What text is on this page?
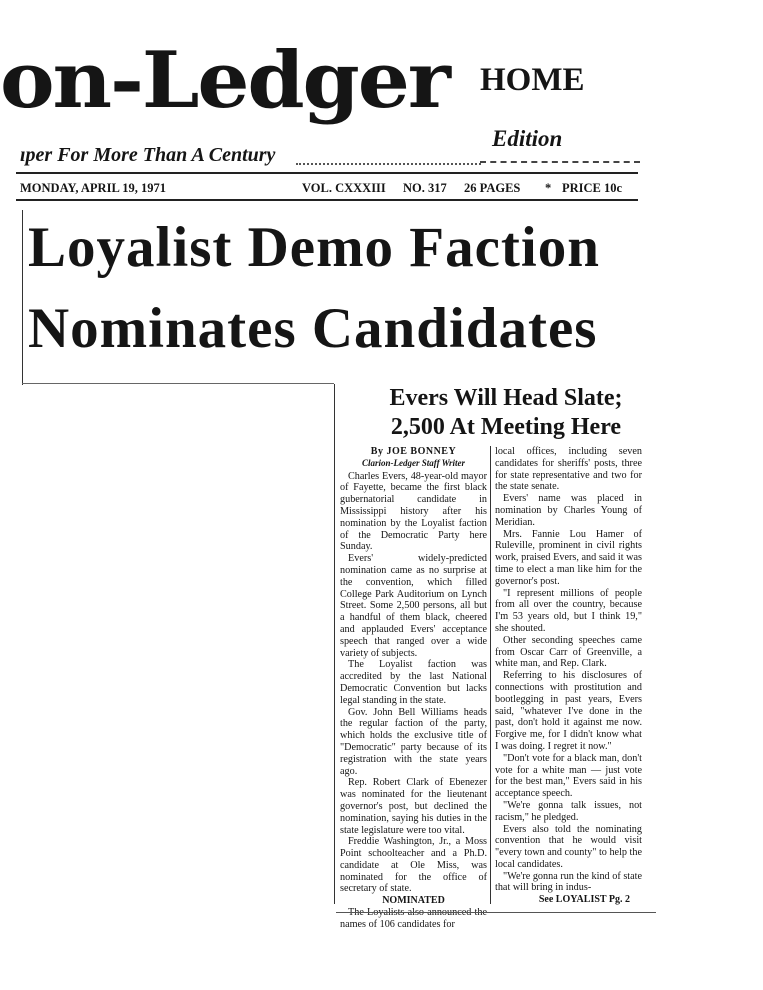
on-Ledger
ıper For More Than A Century
HOME
Edition
MONDAY, APRIL 19, 1971	VOL. CXXXIII NO. 317 26 PAGES * PRICE 10c
Loyalist Demo Faction
Nominates Candidates
Evers Will Head Slate;
2,500 At Meeting Here
By JOE BONNEY
Clarion-Ledger Staff Writer

Charles Evers, 48-year-old mayor of Fayette, became the first black gubernatorial candidate in Mississippi history after his nomination by the Loyalist faction of the Democratic Party here Sunday.

Evers' widely-predicted nomination came as no surprise at the convention, which filled College Park Auditorium on Lynch Street. Some 2,500 persons, all but a handful of them black, cheered and applauded Evers' acceptance speech that ranged over a wide variety of subjects.

The Loyalist faction was accredited by the last National Democratic Convention but lacks legal standing in the state.

Gov. John Bell Williams heads the regular faction of the party, which holds the exclusive title of "Democratic" party because of its registration with the state years ago.

Rep. Robert Clark of Ebenezer was nominated for the lieutenant governor's post, but declined the nomination, saying his duties in the state legislature were too vital.

Freddie Washington, Jr., a Moss Point schoolteacher and a Ph.D. candidate at Ole Miss, was nominated for the office of secretary of state.

NOMINATED

names of 106 candidates for

local offices, including seven candidates for sheriffs' posts, three for state representative and two for the state senate.

Evers' name was placed in nomination by Charles Young of Meridian.

Mrs. Fannie Lou Hamer of Ruleville, prominent in civil rights work, praised Evers, and said it was time to elect a man like him for the governor's post.

"I represent millions of people from all over the country, because I'm 53 years old, but I think 19," she shouted.

Other seconding speeches came from Oscar Carr of Greenville, a white man, and Rep. Clark.

Referring to his disclosures of connections with prostitution and bootlegging in past years, Evers said, "whatever I've done in the past, don't hold it against me now. Forgive me, for I didn't know what I was doing. I regret it now."

"Don't vote for a black man, don't vote for a white man — just vote for the best man," Evers said in his acceptance speech.

"We're gonna talk issues, not racism," he pledged.

Evers also told the nominating convention that he would visit "every town and county" to help the local candidates.

"We're gonna run the kind of state that will bring in indus-

See LOYALIST Pg. 2
